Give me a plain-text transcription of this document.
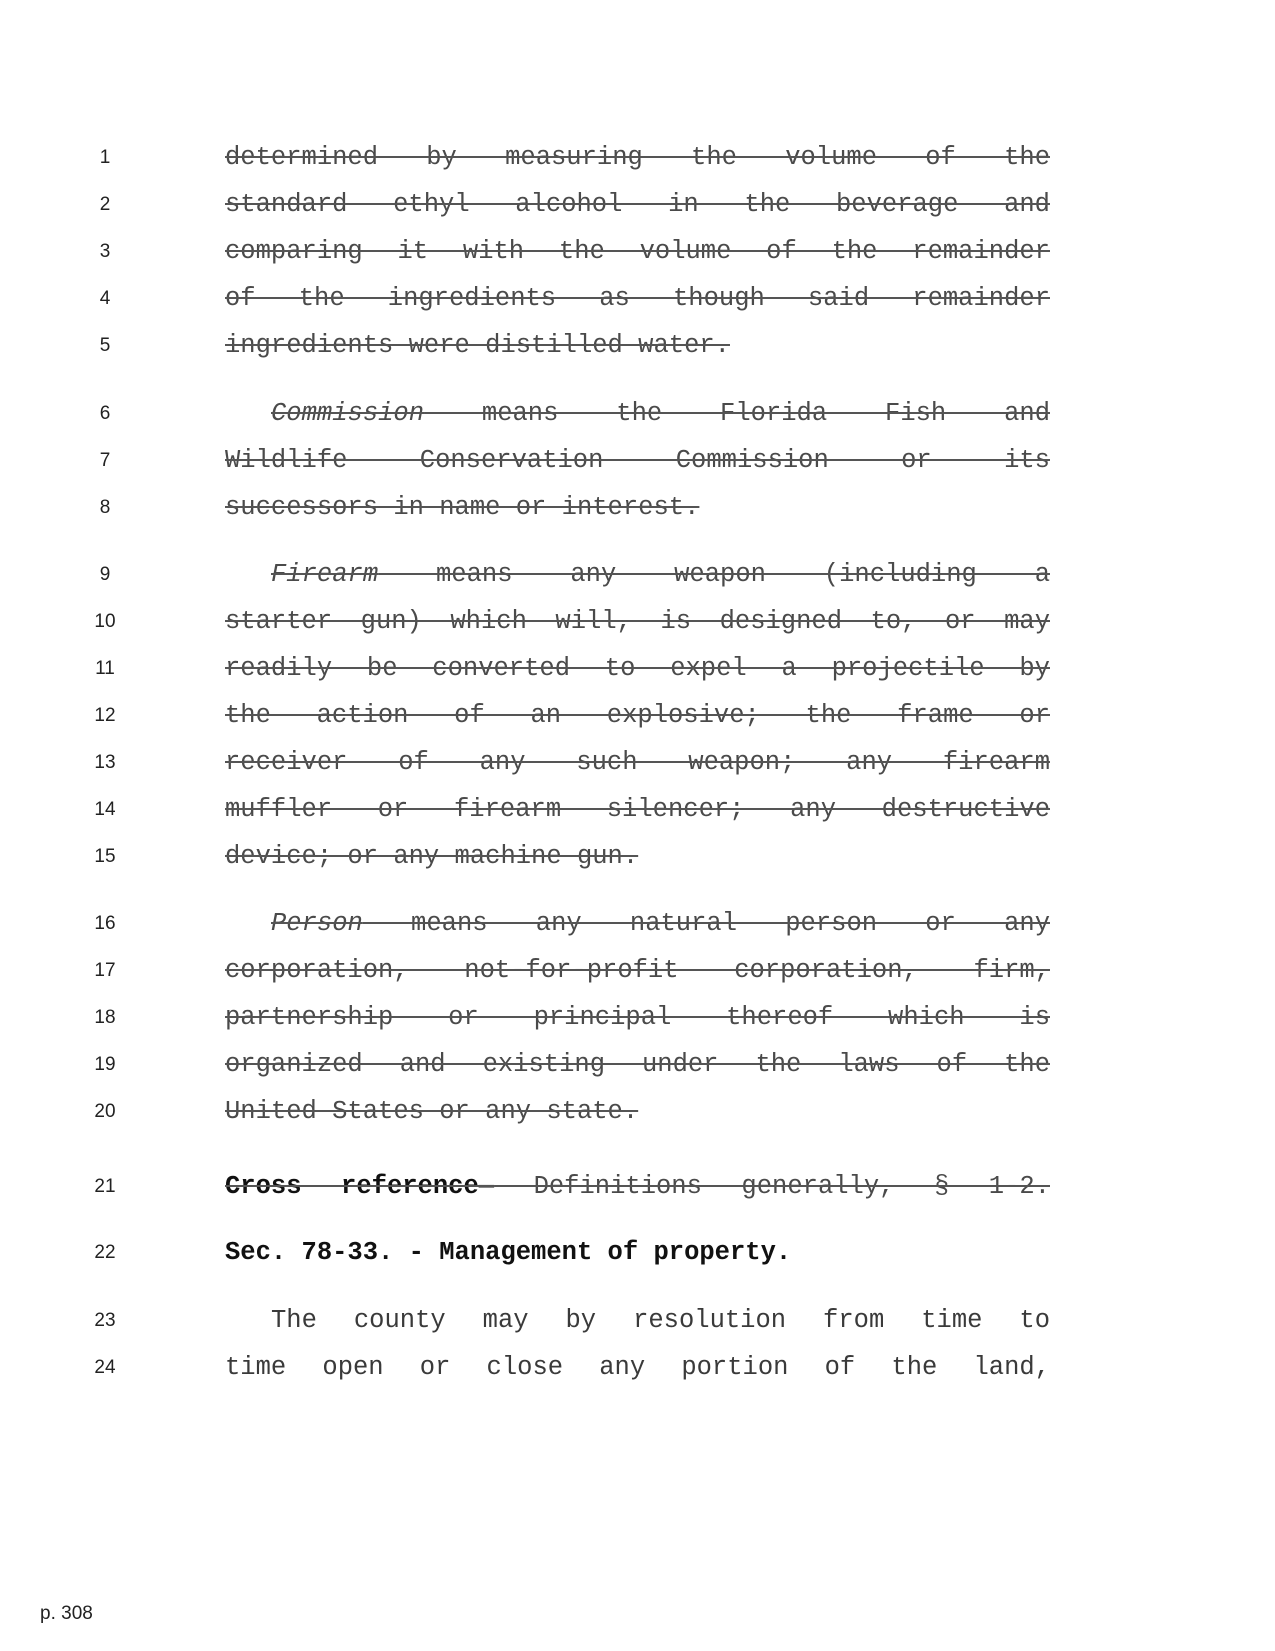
1
2
3
4
5
6
7
8
9
10
11
12
13
14
15
16
17
18
19
20
21
22
23
24
determined by measuring the volume of the
standard ethyl alcohol in the beverage and
comparing it with the volume of the remainder
of the ingredients as though said remainder
ingredients were distilled water.
Commission means the Florida Fish and
Wildlife Conservation Commission or its
successors in name or interest.
Firearm means any weapon (including a
starter gun) which will, is designed to, or may
readily be converted to expel a projectile by
the action of an explosive; the frame or
receiver of any such weapon; any firearm
muffler or firearm silencer; any destructive
device; or any machine gun.
Person means any natural person or any
corporation, not-for-profit corporation, firm,
partnership or principal thereof which is
organized and existing under the laws of the
United States or any state.
Cross reference— Definitions generally, § 1-2.
Sec. 78-33. - Management of property.
The county may by resolution from time to
time open or close any portion of the land,
p. 308
